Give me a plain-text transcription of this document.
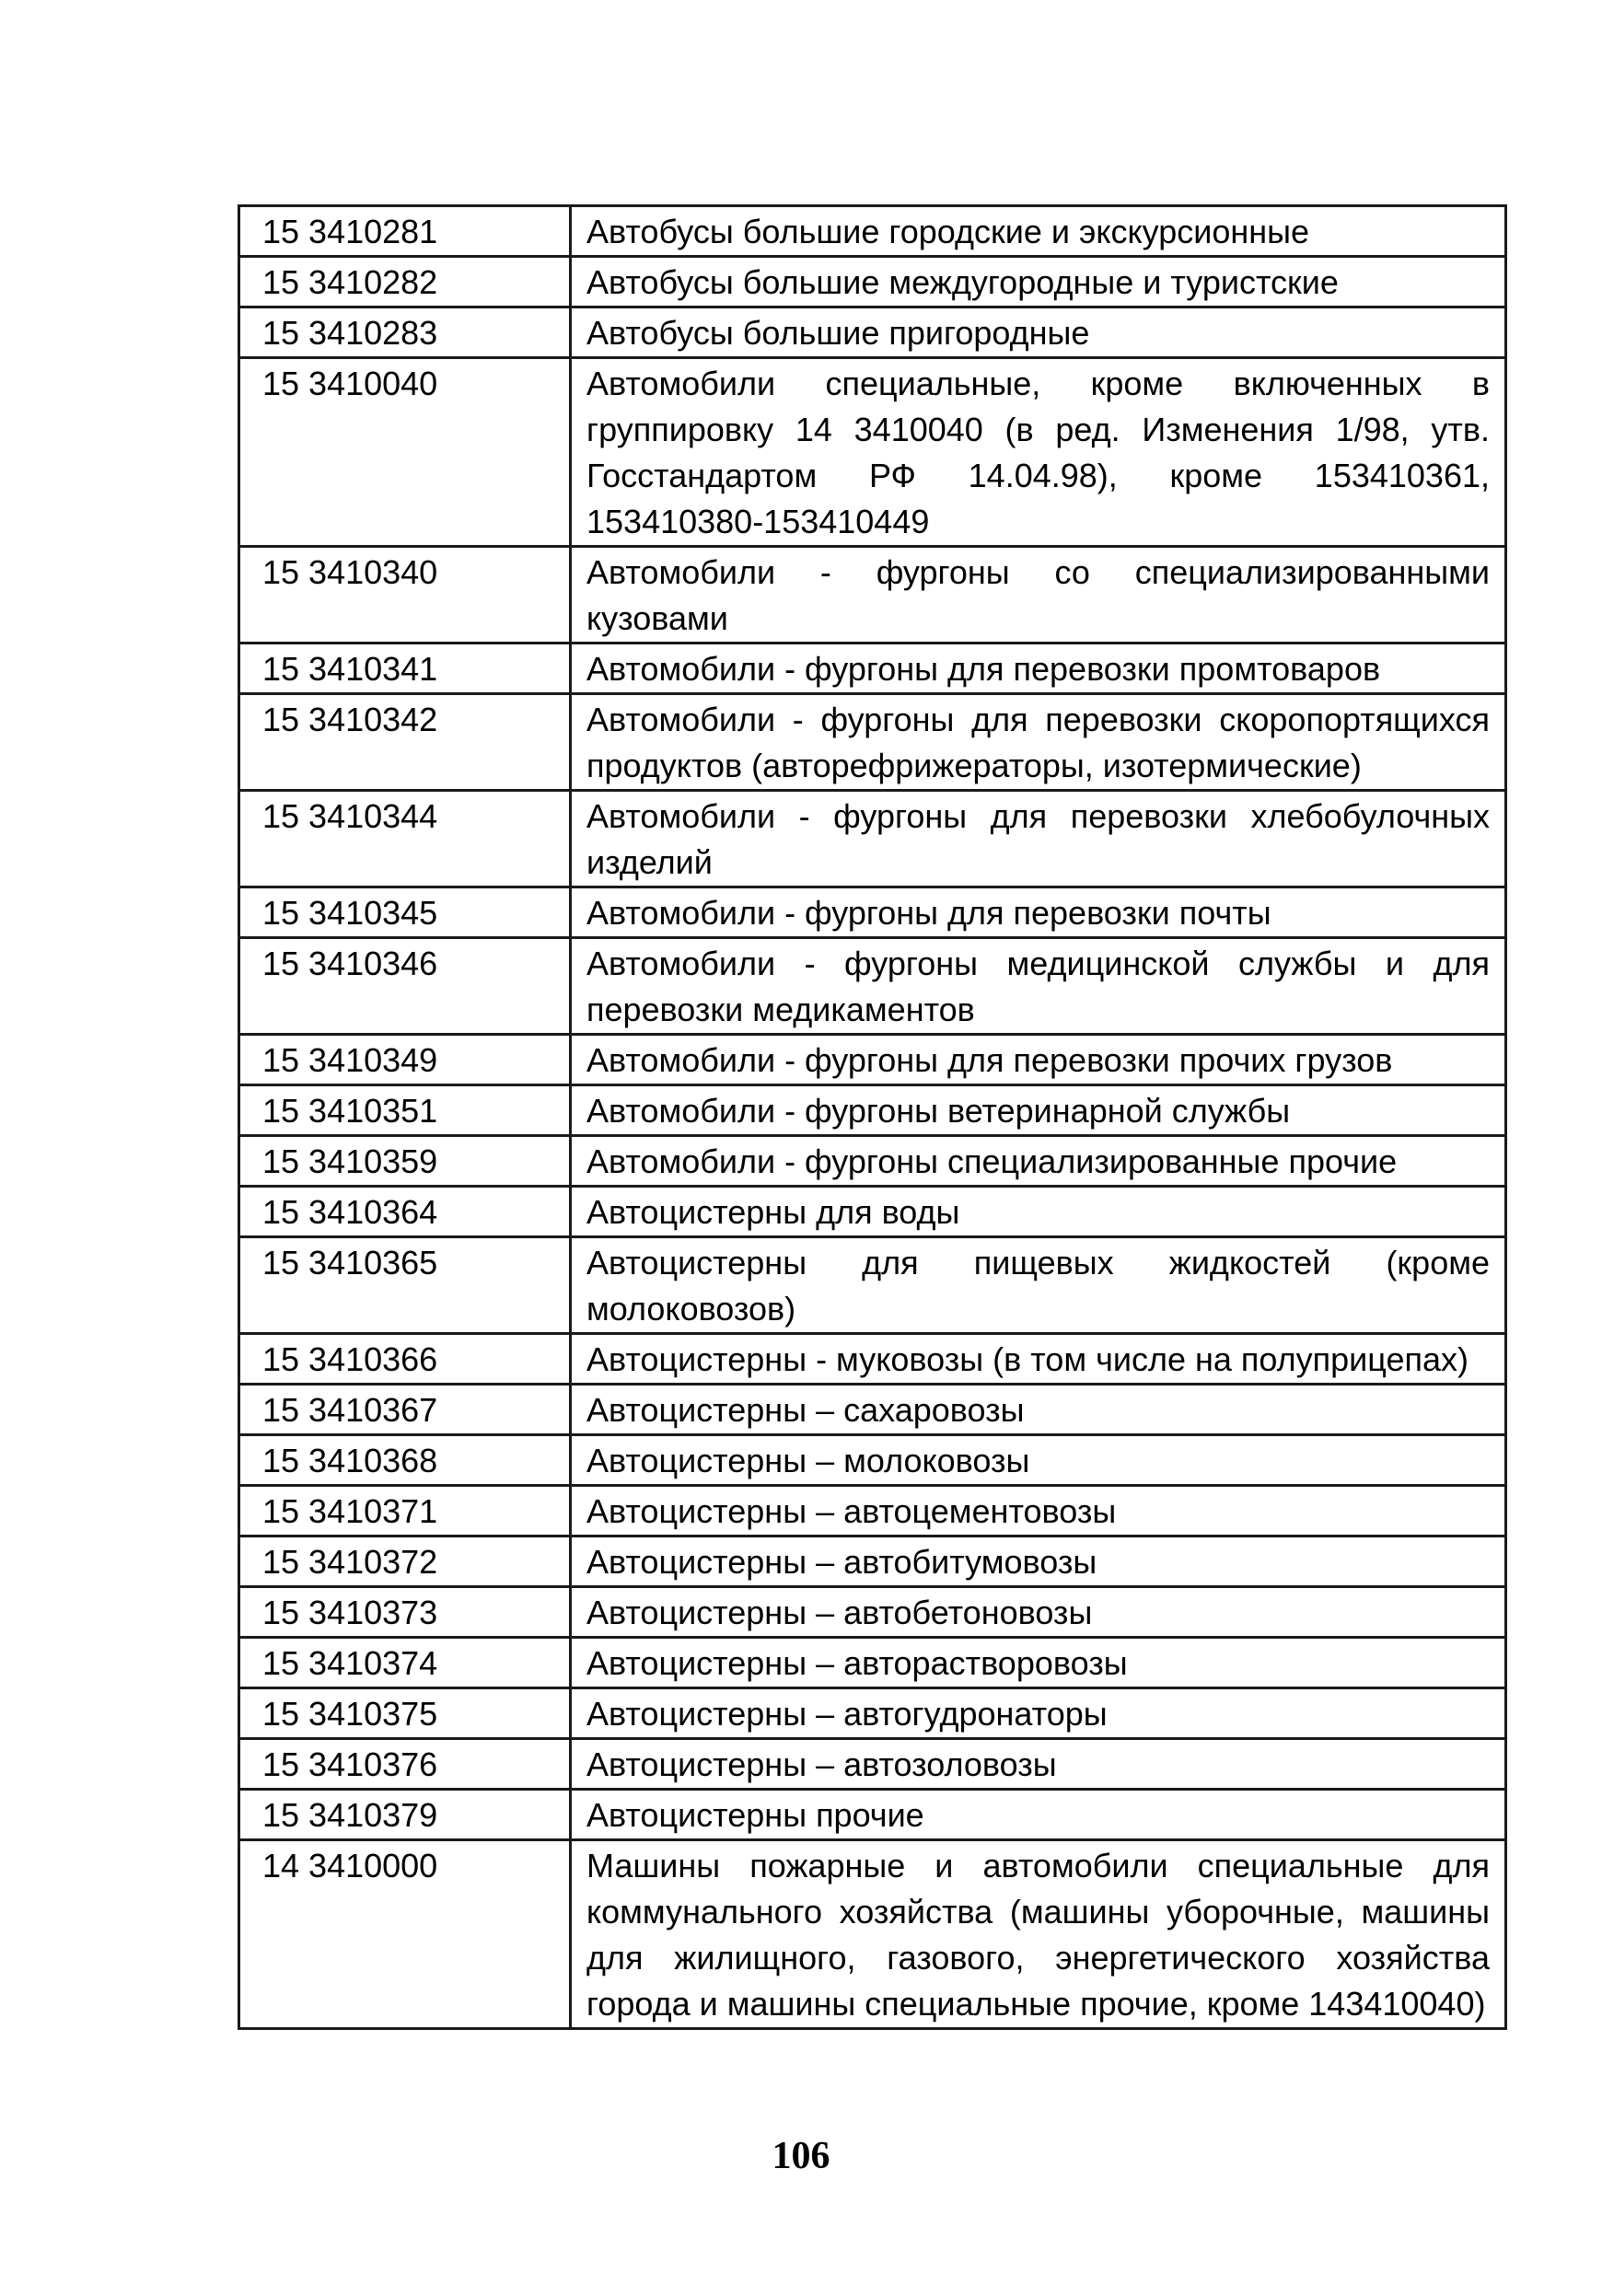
15 3410281	Автобусы большие городские и экскурсионные
15 3410282	Автобусы большие междугородные и туристские
15 3410283	Автобусы большие пригородные
15 3410040	Автомобили специальные, кроме включенных в группировку 14 3410040 (в ред. Изменения 1/98, утв. Госстандартом РФ 14.04.98), кроме 153410361, 153410380-153410449
15 3410340	Автомобили - фургоны со специализированными кузовами
15 3410341	Автомобили - фургоны для перевозки промтоваров
15 3410342	Автомобили - фургоны для перевозки скоропортящихся продуктов (авторефрижераторы, изотермические)
15 3410344	Автомобили - фургоны для перевозки хлебобулочных изделий
15 3410345	Автомобили - фургоны для перевозки почты
15 3410346	Автомобили - фургоны медицинской службы и для перевозки медикаментов
15 3410349	Автомобили - фургоны для перевозки прочих грузов
15 3410351	Автомобили - фургоны ветеринарной службы
15 3410359	Автомобили - фургоны специализированные прочие
15 3410364	Автоцистерны для воды
15 3410365	Автоцистерны для пищевых жидкостей (кроме молоковозов)
15 3410366	Автоцистерны - муковозы (в том числе на полуприцепах)
15 3410367	Автоцистерны – сахаровозы
15 3410368	Автоцистерны – молоковозы
15 3410371	Автоцистерны – автоцементовозы
15 3410372	Автоцистерны – автобитумовозы
15 3410373	Автоцистерны – автобетоновозы
15 3410374	Автоцистерны – авторастворовозы
15 3410375	Автоцистерны – автогудронаторы
15 3410376	Автоцистерны – автозоловозы
15 3410379	Автоцистерны прочие
14 3410000	Машины пожарные и автомобили специальные для коммунального хозяйства (машины уборочные, машины для жилищного, газового, энергетического хозяйства города и машины специальные прочие, кроме 143410040)
106
